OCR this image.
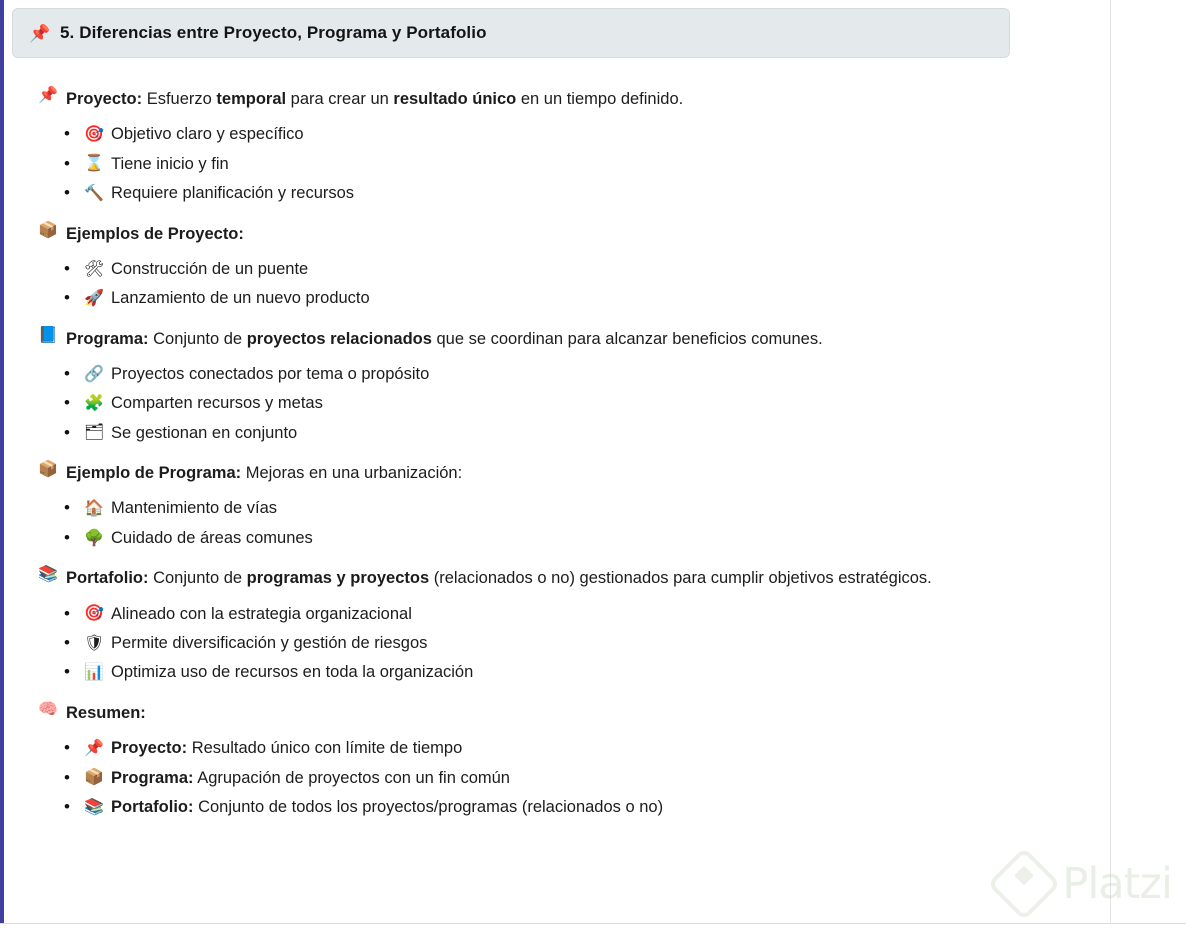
📌 5. Diferencias entre Proyecto, Programa y Portafolio
📌 Proyecto: Esfuerzo temporal para crear un resultado único en un tiempo definido.
• 🎯 Objetivo claro y específico
• ⌛ Tiene inicio y fin
• 🔨 Requiere planificación y recursos
📦 Ejemplos de Proyecto:
• 🛠 Construcción de un puente
• 🚀 Lanzamiento de un nuevo producto
📘 Programa: Conjunto de proyectos relacionados que se coordinan para alcanzar beneficios comunes.
• 🔗 Proyectos conectados por tema o propósito
• 🧩 Comparten recursos y metas
• 🗂 Se gestionan en conjunto
📦 Ejemplo de Programa: Mejoras en una urbanización:
• 🏠 Mantenimiento de vías
• 🌳 Cuidado de áreas comunes
📚 Portafolio: Conjunto de programas y proyectos (relacionados o no) gestionados para cumplir objetivos estratégicos.
• 🎯 Alineado con la estrategia organizacional
• 🛡 Permite diversificación y gestión de riesgos
• 📊 Optimiza uso de recursos en toda la organización
🧠 Resumen:
• 📌 Proyecto: Resultado único con límite de tiempo
• 📦 Programa: Agrupación de proyectos con un fin común
• 📚 Portafolio: Conjunto de todos los proyectos/programas (relacionados o no)
Platzi
